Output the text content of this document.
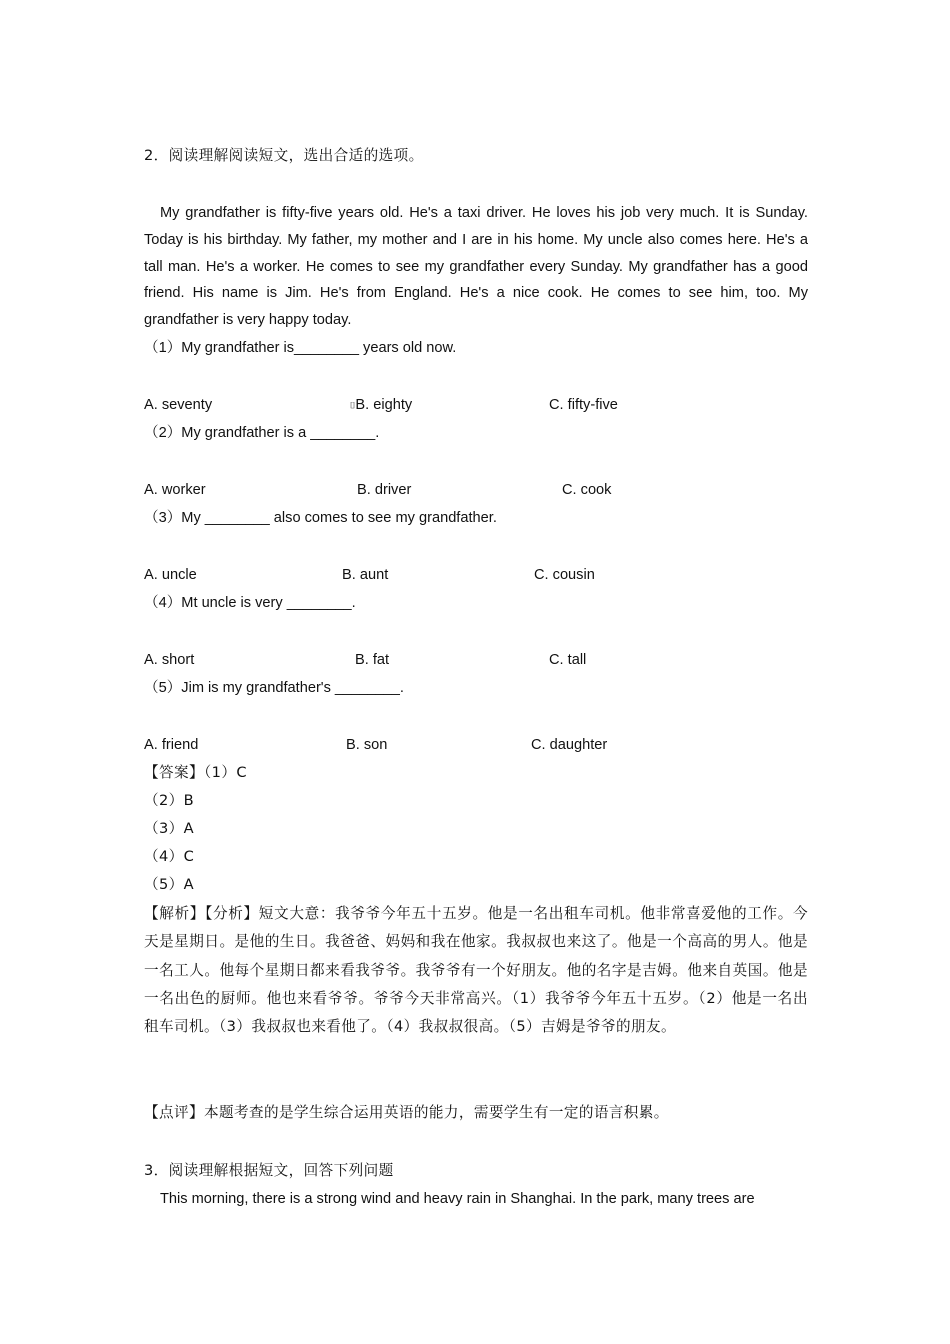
2．阅读理解阅读短文，选出合适的选项。
My grandfather is fifty-five years old. He's a taxi driver. He loves his job very much. It is Sunday. Today is his birthday. My father, my mother and I are in his home. My uncle also comes here. He's a tall man. He's a worker. He comes to see my grandfather every Sunday. My grandfather has a good friend. His name is Jim. He's from England. He's a nice cook. He comes to see him, too. My grandfather is very happy today.
（1）My grandfather is________ years old now.
A. seventy	⌷B. eighty	C. fifty-five
（2）My grandfather is a ________.
A. worker	B. driver	C. cook
（3）My ________ also comes to see my grandfather.
A. uncle	B. aunt	C. cousin
（4）Mt uncle is very ________.
A. short	B. fat	C. tall
（5）Jim is my grandfather's ________.
A. friend	B. son	C. daughter
【答案】（1）C
（2）B
（3）A
（4）C
（5）A
【解析】【分析】短文大意：我爷爷今年五十五岁。他是一名出租车司机。他非常喜爱他的工作。今天是星期日。是他的生日。我爸爸、妈妈和我在他家。我叔叔也来这了。他是一个高高的男人。他是一名工人。他每个星期日都来看我爷爷。我爷爷有一个好朋友。他的名字是吉姆。他来自英国。他是一名出色的厨师。他也来看爷爷。爷爷今天非常高兴。（1）我爷爷今年五十五岁。（2）他是一名出租车司机。（3）我叔叔也来看他了。（4）我叔叔很高。（5）吉姆是爷爷的朋友。
【点评】本题考查的是学生综合运用英语的能力，需要学生有一定的语言积累。
3．阅读理解根据短文，回答下列问题
This morning, there is a strong wind and heavy rain in Shanghai. In the park, many trees are
